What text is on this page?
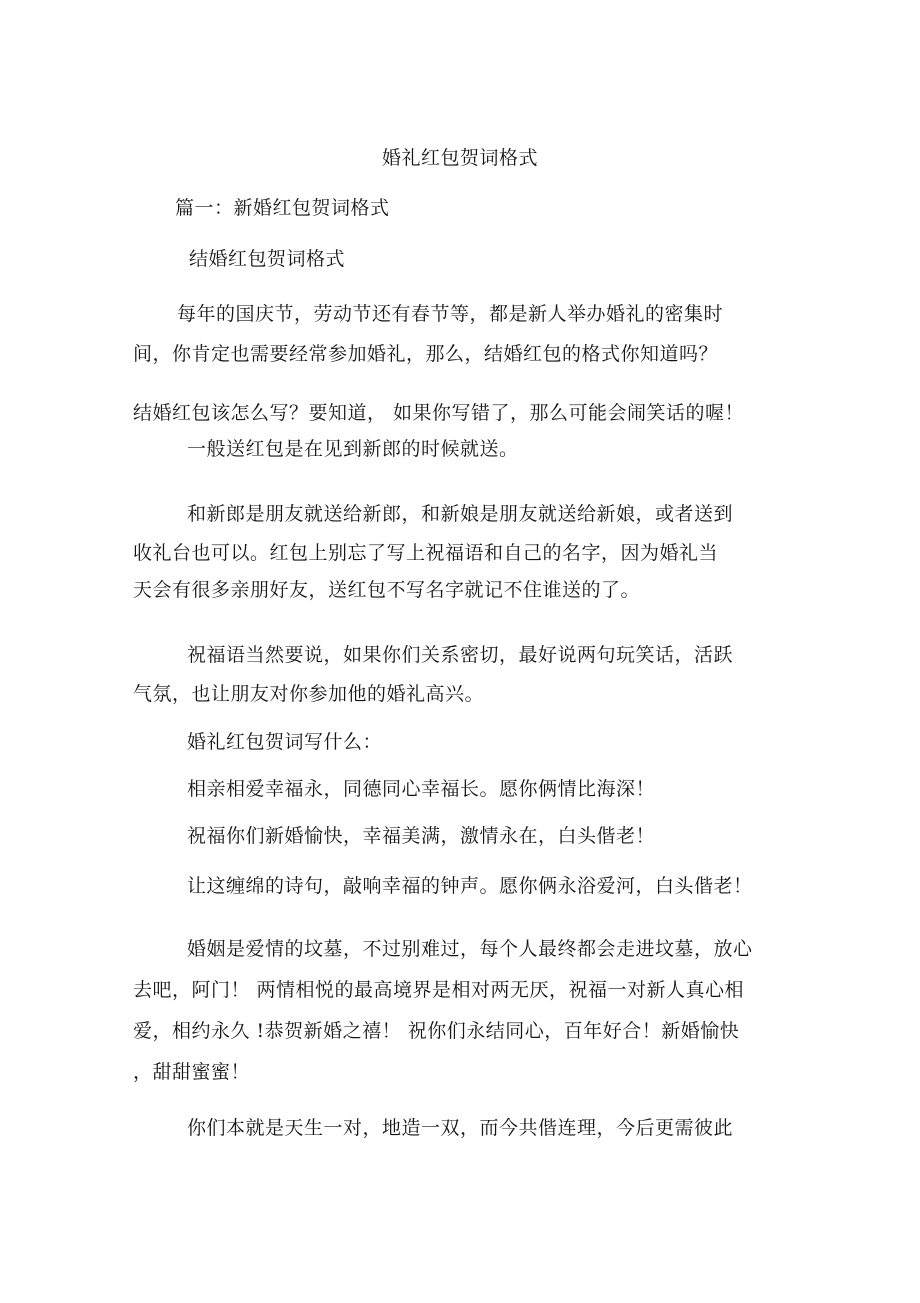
婚礼红包贺词格式
篇一：新婚红包贺词格式
结婚红包贺词格式
每年的国庆节，劳动节还有春节等，都是新人举办婚礼的密集时
间，你肯定也需要经常参加婚礼，那么，结婚红包的格式你知道吗？
结婚红包该怎么写？要知道， 如果你写错了，那么可能会闹笑话的喔！
一般送红包是在见到新郎的时候就送。
和新郎是朋友就送给新郎，和新娘是朋友就送给新娘，或者送到
收礼台也可以。红包上别忘了写上祝福语和自己的名字，因为婚礼当
天会有很多亲朋好友，送红包不写名字就记不住谁送的了。
祝福语当然要说，如果你们关系密切，最好说两句玩笑话，活跃
气氛，也让朋友对你参加他的婚礼高兴。
婚礼红包贺词写什么：
相亲相爱幸福永，同德同心幸福长。愿你俩情比海深！
祝福你们新婚愉快，幸福美满，激情永在，白头偕老！
让这缠绵的诗句，敲响幸福的钟声。愿你俩永浴爱河，白头偕老！
婚姻是爱情的坟墓，不过别难过，每个人最终都会走进坟墓，放心
去吧，阿门！ 两情相悦的最高境界是相对两无厌，祝福一对新人真心相
爱，相约永久 !恭贺新婚之禧！ 祝你们永结同心，百年好合！新婚愉快
，甜甜蜜蜜！
你们本就是天生一对，地造一双，而今共偕连理，今后更需彼此
